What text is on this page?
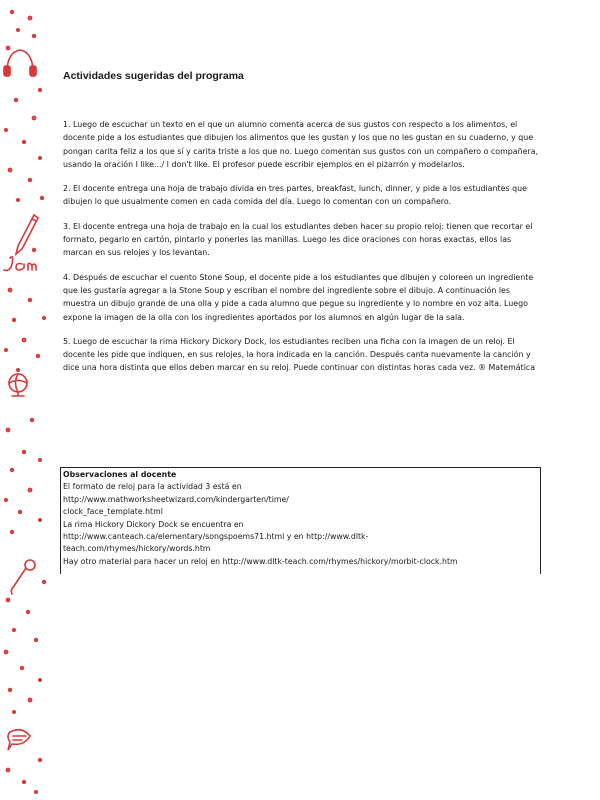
Actividades sugeridas del programa

1. Luego de escuchar un texto en el que un alumno comenta acerca de sus gustos con respecto a los alimentos, el docente pide a los estudiantes que dibujen los alimentos que les gustan y los que no les gustan en su cuaderno, y que pongan carita feliz a los que sí y carita triste a los que no. Luego comentan sus gustos con un compañero o compañera, usando la oración I like.../ I don't like. El profesor puede escribir ejemplos en el pizarrón y modelarlos.

2. El docente entrega una hoja de trabajo divida en tres partes, breakfast, lunch, dinner, y pide a los estudiantes que dibujen lo que usualmente comen en cada comida del día. Luego lo comentan con un compañero.

3. El docente entrega una hoja de trabajo en la cual los estudiantes deben hacer su propio reloj: tienen que recortar el formato, pegarlo en cartón, pintarlo y ponerles las manillas. Luego les dice oraciones con horas exactas, ellos las marcan en sus relojes y los levantan.

4. Después de escuchar el cuento Stone Soup, el docente pide a los estudiantes que dibujen y coloreen un ingrediente que les gustaría agregar a la Stone Soup y escriban el nombre del ingrediente sobre el dibujo. A continuación les muestra un dibujo grande de una olla y pide a cada alumno que pegue su ingrediente y lo nombre en voz alta. Luego expone la imagen de la olla con los ingredientes aportados por los alumnos en algún lugar de la sala.

5. Luego de escuchar la rima Hickory Dickory Dock, los estudiantes reciben una ficha con la imagen de un reloj. El docente les pide que indiquen, en sus relojes, la hora indicada en la canción. Después canta nuevamente la canción y dice una hora distinta que ellos deben marcar en su reloj. Puede continuar con distintas horas cada vez. ® Matemática

Observaciones al docente

El formato de reloj para la actividad 3 está en

http://www.mathworksheetwizard.com/kindergarten/time/

clock_face_template.html

La rima Hickory Dickory Dock se encuentra en

http://www.canteach.ca/elementary/songspoems71.html y en http://www.dltk-

teach.com/rhymes/hickory/words.htm

Hay otro material para hacer un reloj en http://www.dltk-teach.com/rhymes/hickory/morbit-clock.htm
